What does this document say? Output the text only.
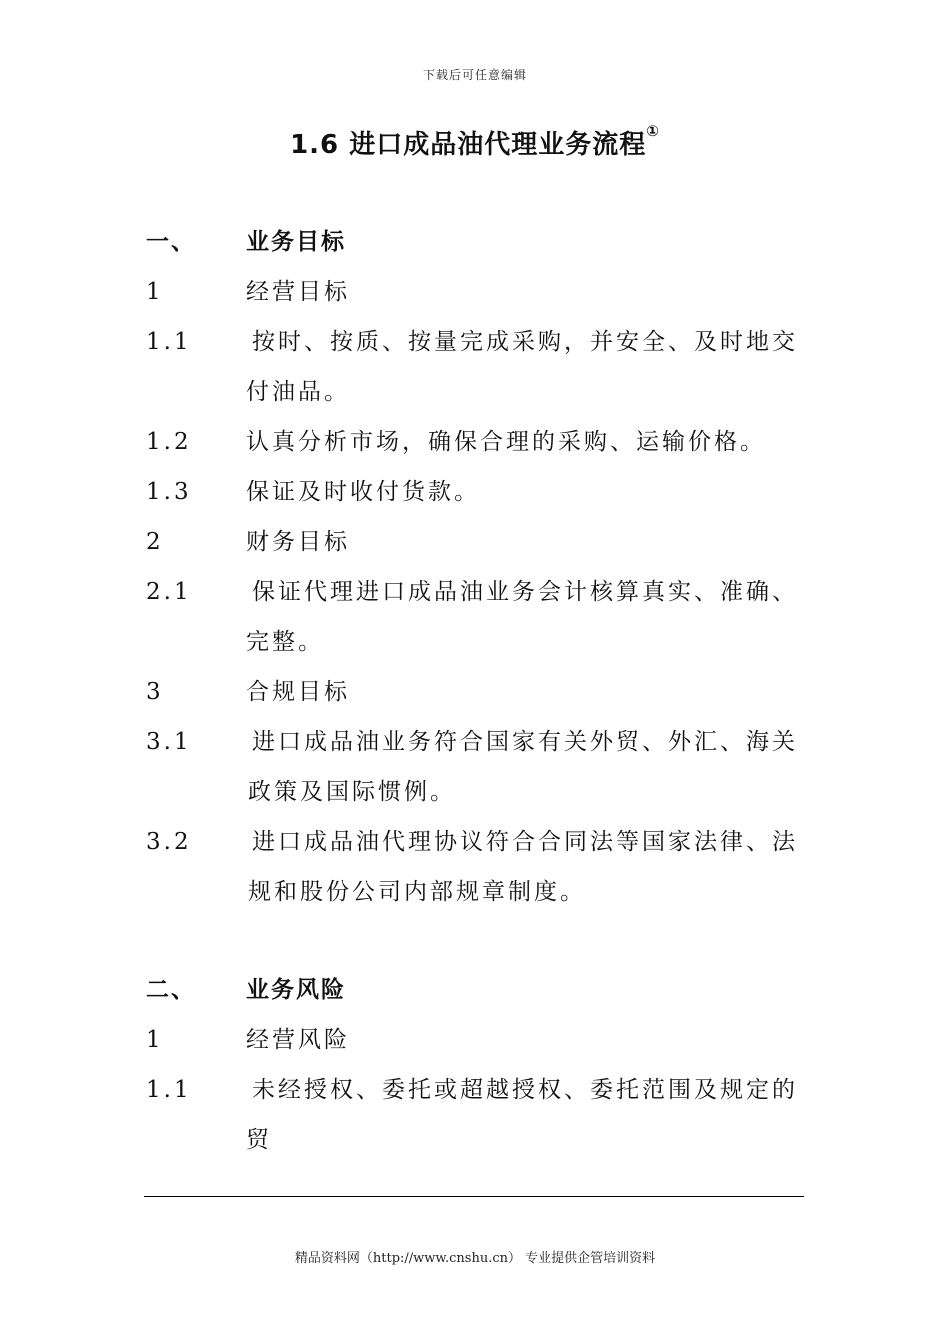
下载后可任意编辑
1.6 进口成品油代理业务流程①
一、 业务目标
1	经营目标
1.1	按时、按质、按量完成采购，并安全、及时地交
付油品。
1.2 认真分析市场，确保合理的采购、运输价格。
1.3 保证及时收付货款。
2	财务目标
2.1	保证代理进口成品油业务会计核算真实、准确、
完整。
3	合规目标
3.1	进口成品油业务符合国家有关外贸、外汇、海关
政策及国际惯例。
3.2	进口成品油代理协议符合合同法等国家法律、法
规和股份公司内部规章制度。
二、 业务风险
1	经营风险
1.1	未经授权、委托或超越授权、委托范围及规定的
贸
精品资料网（http://www.cnshu.cn） 专业提供企管培训资料
